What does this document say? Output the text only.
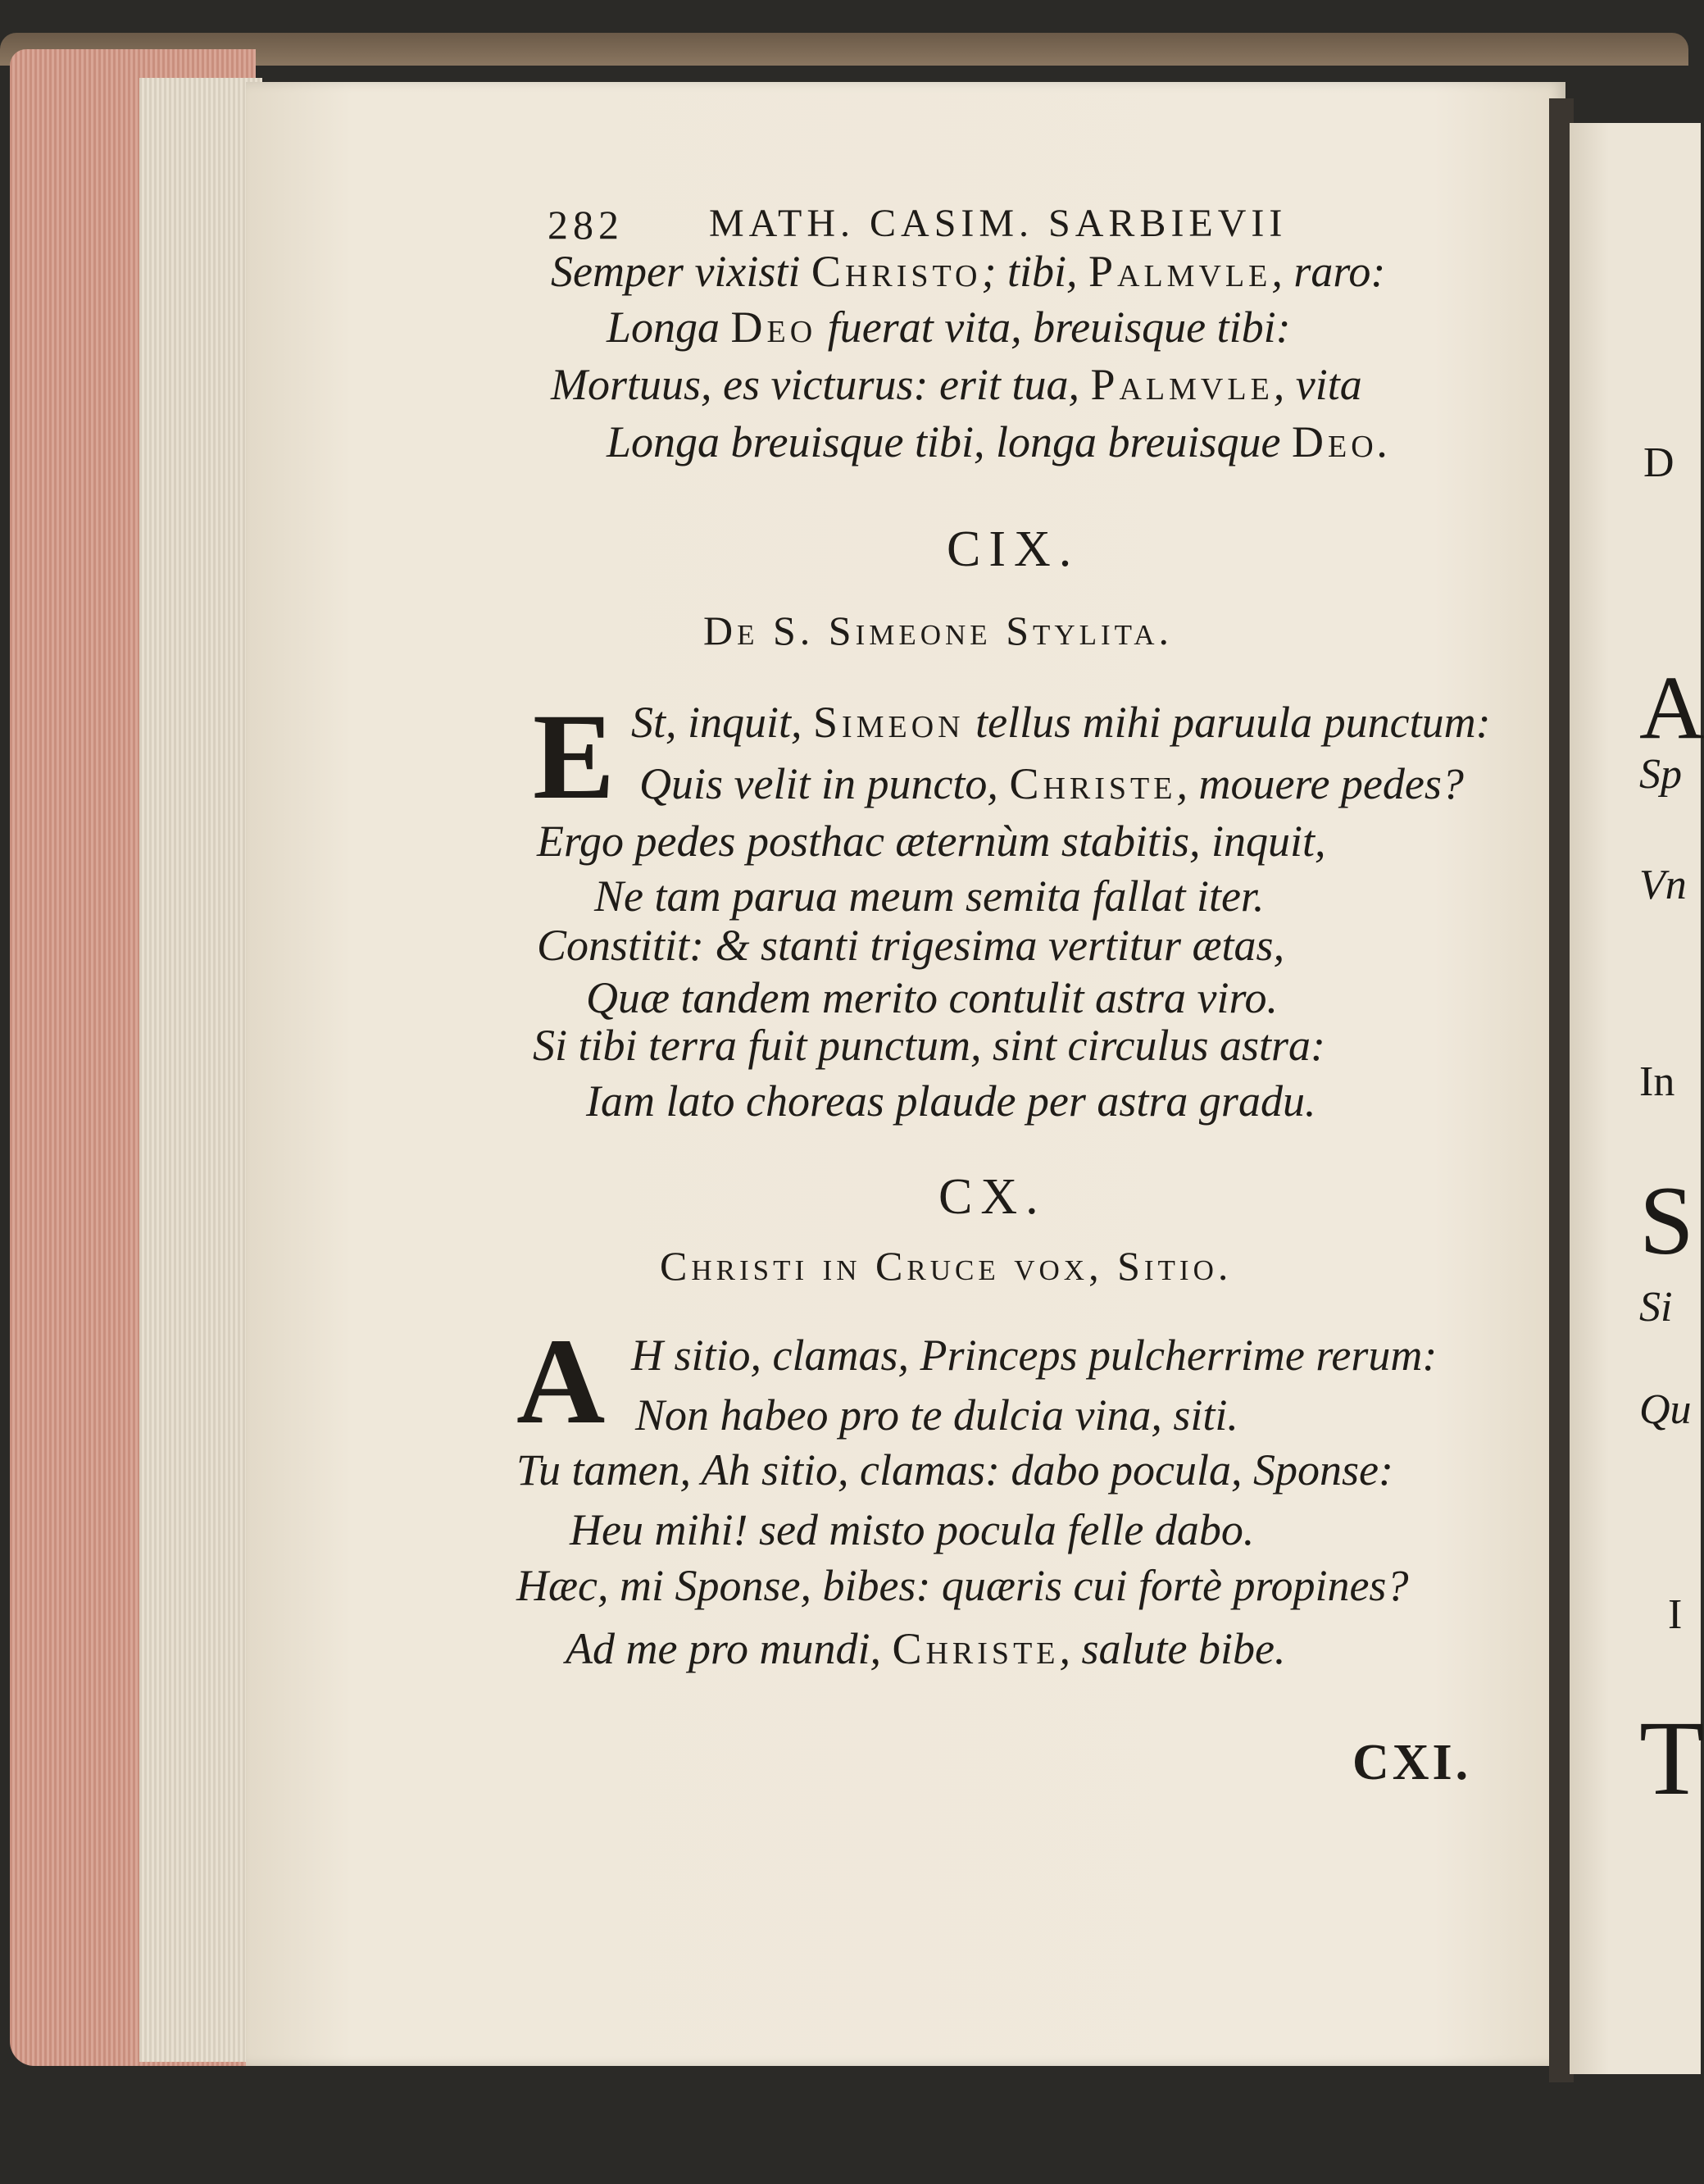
282 MATH. CASIM. SARBIEVII
Semper vixisti Christo; tibi, Palmvle, raro:
Longa Deo fuerat vita, breuisque tibi:
Mortuus, es victurus: erit tua, Palmvle, vita
Longa breuisque tibi, longa breuisque Deo.
CIX.
De S. Simeone Stylita.
E St, inquit, Simeon tellus mihi paruula punctum:
Quis velit in puncto, Christe, mouere pedes?
Ergo pedes posthac æternùm stabitis, inquit,
Ne tam parua meum semita fallat iter.
Constitit: & stanti trigesima vertitur ætas,
Quæ tandem merito contulit astra viro.
Si tibi terra fuit punctum, sint circulus astra:
Iam lato choreas plaude per astra gradu.
CX.
Christi in Cruce vox, Sitio.
A H sitio, clamas, Princeps pulcherrime rerum:
Non habeo pro te dulcia vina, siti.
Tu tamen, Ah sitio, clamas: dabo pocula, Sponse:
Heu mihi! sed misto pocula felle dabo.
Hæc, mi Sponse, bibes: quæris cui fortè propines?
Ad me pro mundi, Christe, salute bibe.
CXI.
D
A
Sp
Vn
In
S
Si
Qu
I
T
